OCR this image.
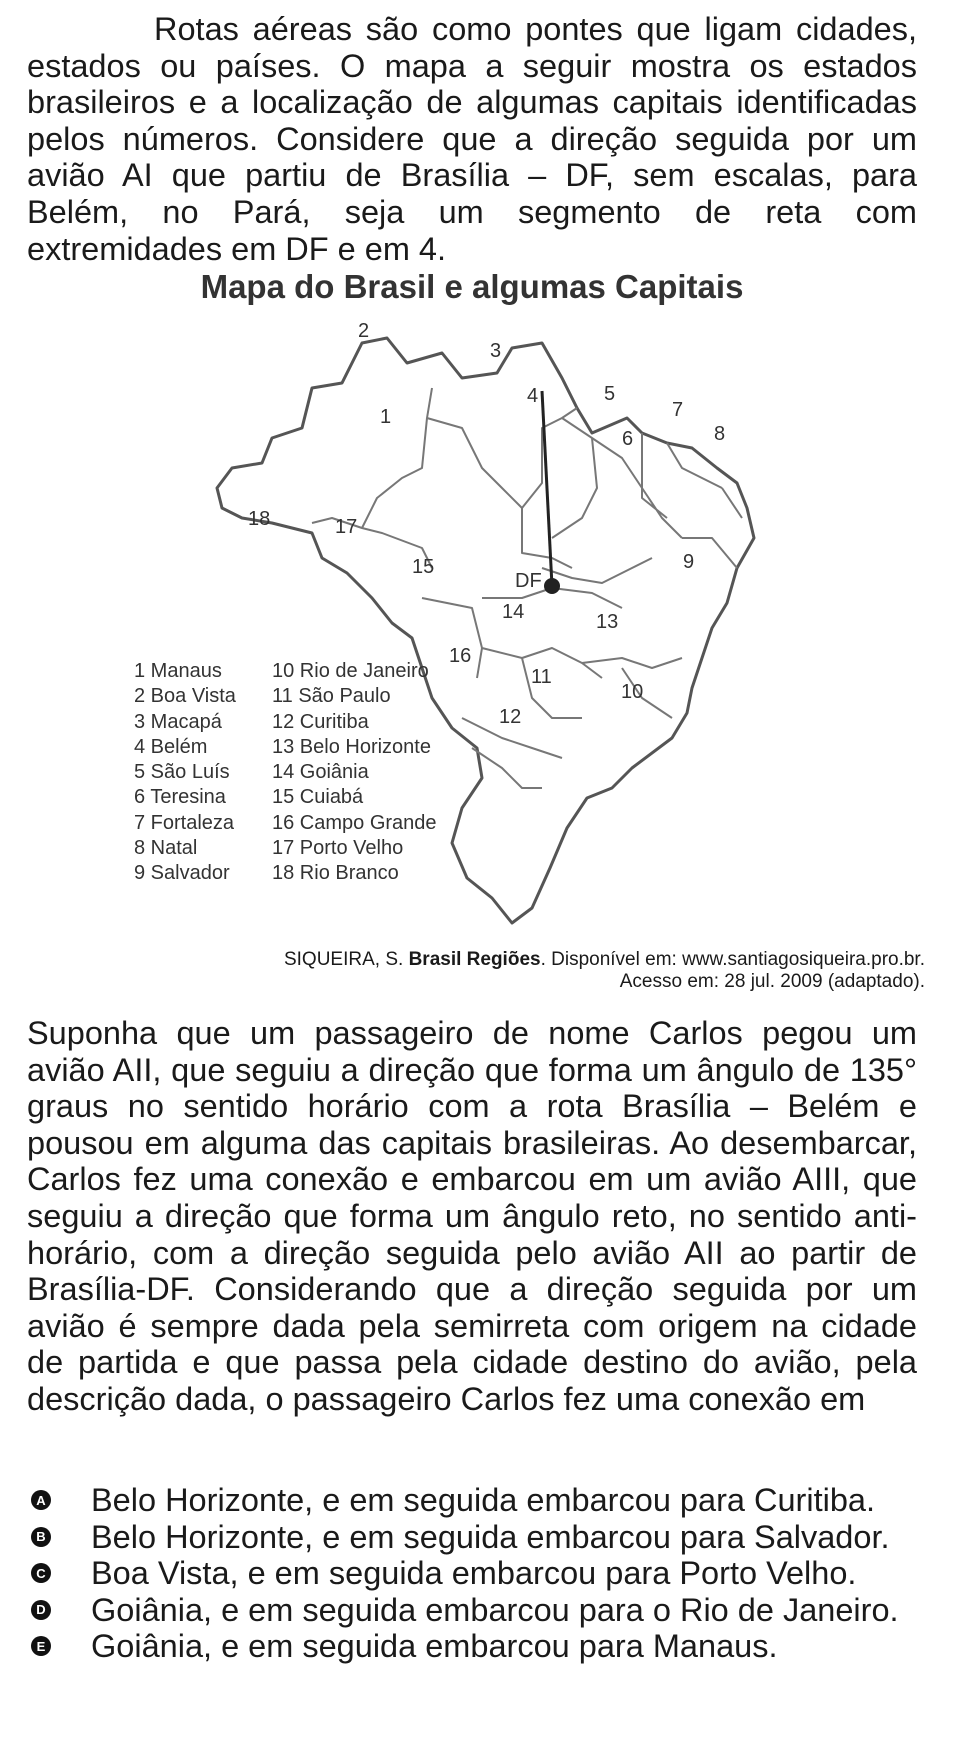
Rotas aéreas são como pontes que ligam cidades, estados ou países. O mapa a seguir mostra os estados brasileiros e a localização de algumas capitais identificadas pelos números. Considere que a direção seguida por um avião AI que partiu de Brasília – DF, sem escalas, para Belém, no Pará, seja um segmento de reta com extremidades em DF e em 4.

Mapa do Brasil e algumas Capitais
1
2
3
4	5
6
7
8
9
10
11
12
13
14
15
16
17
18
DF
1 Manaus
2 Boa Vista
3 Macapá
4 Belém
5 São Luís
6 Teresina
7 Fortaleza
8 Natal
9 Salvador
10 Rio de Janeiro
11 São Paulo
12 Curitiba
13 Belo Horizonte
14 Goiânia
15 Cuiabá
16 Campo Grande
17 Porto Velho
18 Rio Branco
SIQUEIRA, S. Brasil Regiões. Disponível em: www.santiagosiqueira.pro.br.
Acesso em: 28 jul. 2009 (adaptado).

Suponha que um passageiro de nome Carlos pegou um avião AII, que seguiu a direção que forma um ângulo de 135° graus no sentido horário com a rota Brasília – Belém e pousou em alguma das capitais brasileiras. Ao desembarcar, Carlos fez uma conexão e embarcou em um avião AIII, que seguiu a direção que forma um ângulo reto, no sentido anti-horário, com a direção seguida pelo avião AII ao partir de Brasília-DF. Considerando que a direção seguida por um avião é sempre dada pela semirreta com origem na cidade de partida e que passa pela cidade destino do avião, pela descrição dada, o passageiro Carlos fez uma conexão em

A Belo Horizonte, e em seguida embarcou para Curitiba.
B Belo Horizonte, e em seguida embarcou para Salvador.
C Boa Vista, e em seguida embarcou para Porto Velho.
D Goiânia, e em seguida embarcou para o Rio de Janeiro.
E Goiânia, e em seguida embarcou para Manaus.
